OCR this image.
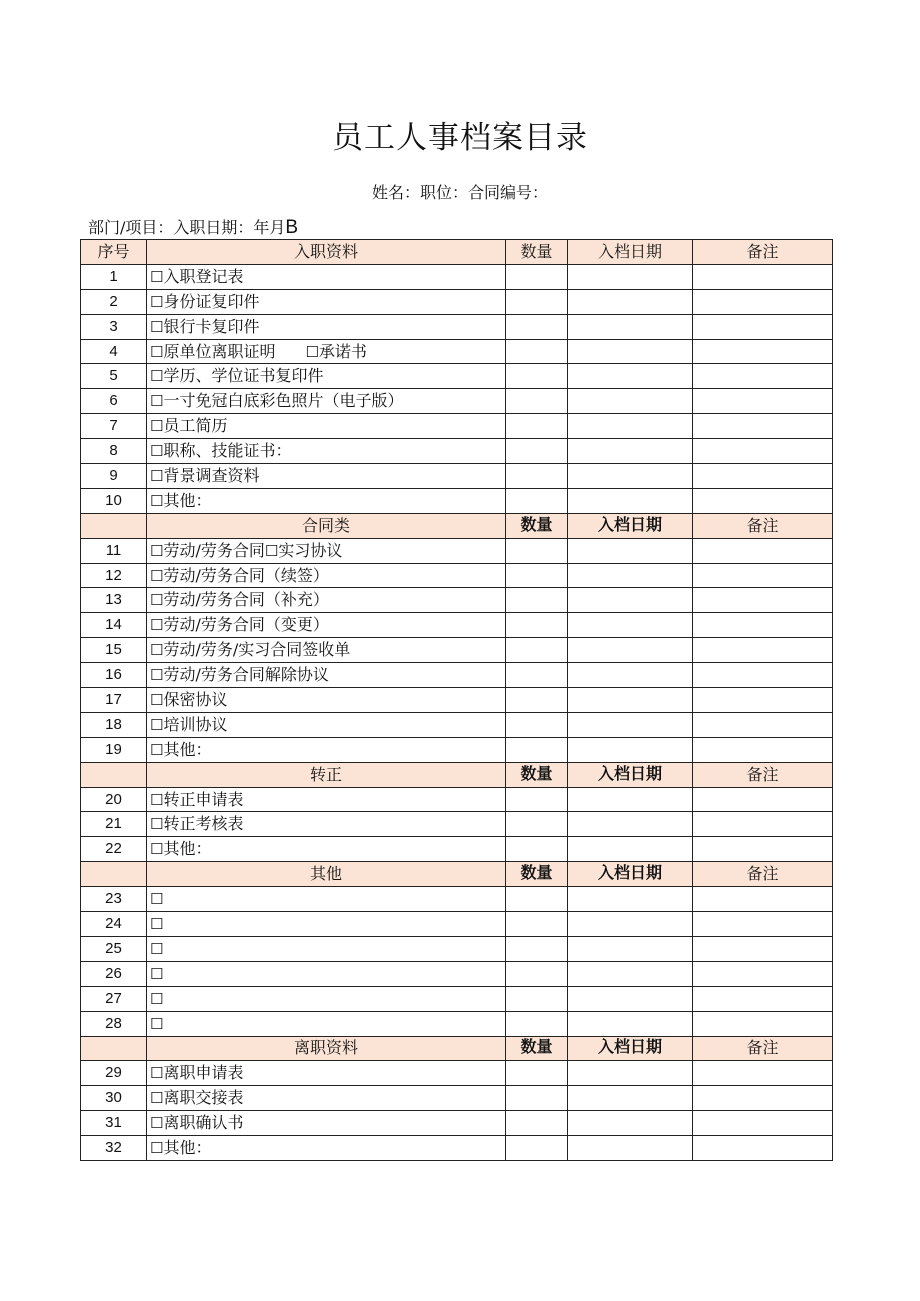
员工人事档案目录
姓名：职位：合同编号：
部门/项目：入职日期：年月B
序号	入职资料	数量	入档日期	备注
1	☐入职登记表			
2	☐身份证复印件			
3	☐银行卡复印件			
4	☐原单位离职证明 ☐承诺书			
5	☐学历、学位证书复印件			
6	☐一寸免冠白底彩色照片（电子版）			
7	☐员工简历			
8	☐职称、技能证书：			
9	☐背景调查资料			
10	☐其他：			
	合同类	数量	入档日期	备注
11	☐劳动/劳务合同☐实习协议			
12	☐劳动/劳务合同（续签）			
13	☐劳动/劳务合同（补充）			
14	☐劳动/劳务合同（变更）			
15	☐劳动/劳务/实习合同签收单			
16	☐劳动/劳务合同解除协议			
17	☐保密协议			
18	☐培训协议			
19	☐其他：			
	转正	数量	入档日期	备注
20	☐转正申请表			
21	☐转正考核表			
22	☐其他：			
	其他	数量	入档日期	备注
23	☐			
24	☐			
25	☐			
26	☐			
27	☐			
28	☐			
	离职资料	数量	入档日期	备注
29	☐离职申请表			
30	☐离职交接表			
31	☐离职确认书			
32	☐其他：			
